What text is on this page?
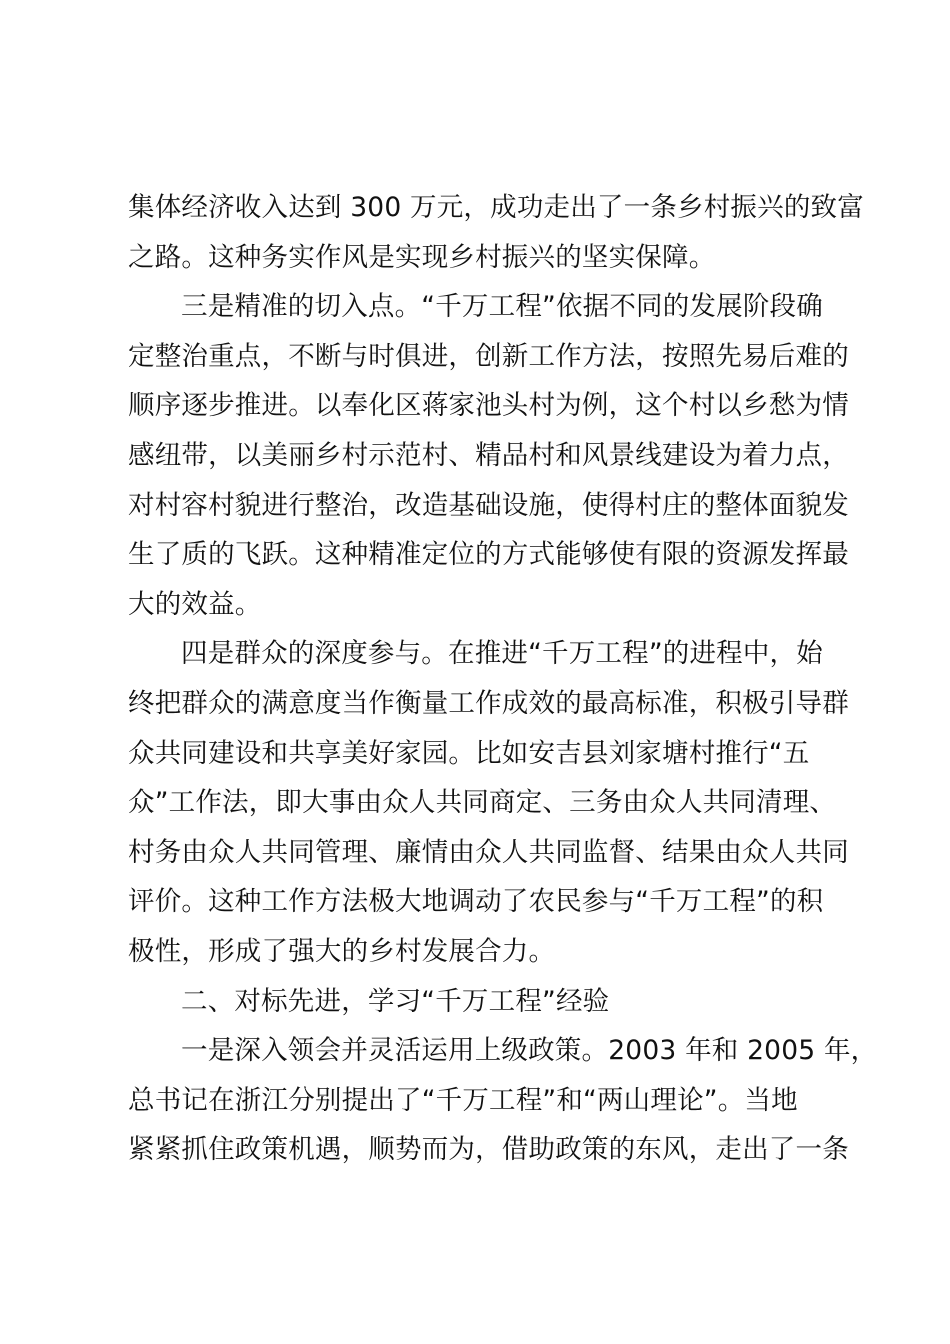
集体经济收入达到 300 万元，成功走出了一条乡村振兴的致富
之路。这种务实作风是实现乡村振兴的坚实保障。
三是精准的切入点。“千万工程”依据不同的发展阶段确
定整治重点，不断与时俱进，创新工作方法，按照先易后难的
顺序逐步推进。以奉化区蒋家池头村为例，这个村以乡愁为情
感纽带，以美丽乡村示范村、精品村和风景线建设为着力点，
对村容村貌进行整治，改造基础设施，使得村庄的整体面貌发
生了质的飞跃。这种精准定位的方式能够使有限的资源发挥最
大的效益。
四是群众的深度参与。在推进“千万工程”的进程中，始
终把群众的满意度当作衡量工作成效的最高标准，积极引导群
众共同建设和共享美好家园。比如安吉县刘家塘村推行“五
众”工作法，即大事由众人共同商定、三务由众人共同清理、
村务由众人共同管理、廉情由众人共同监督、结果由众人共同
评价。这种工作方法极大地调动了农民参与“千万工程”的积
极性，形成了强大的乡村发展合力。
二、对标先进，学习“千万工程”经验
一是深入领会并灵活运用上级政策。2003 年和 2005 年，
总书记在浙江分别提出了“千万工程”和“两山理论”。当地
紧紧抓住政策机遇，顺势而为，借助政策的东风，走出了一条
